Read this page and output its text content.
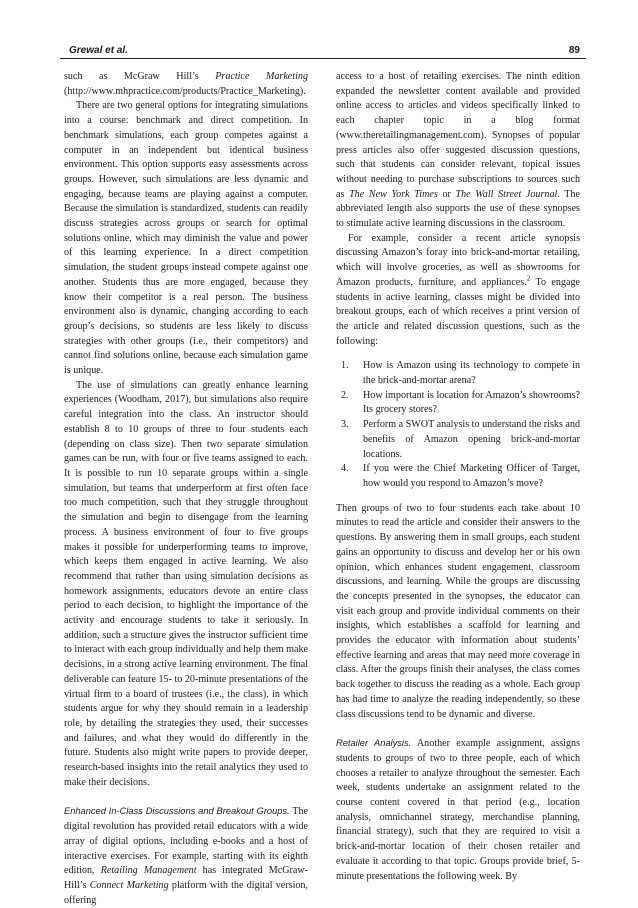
Grewal et al.	89

such as McGraw Hill’s Practice Marketing (http://www.mhpractice.com/products/Practice_Marketing).

There are two general options for integrating simulations into a course: benchmark and direct competition. In benchmark simulations, each group competes against a computer in an independent but identical business environment. This option supports easy assessments across groups. However, such simulations are less dynamic and engaging, because teams are playing against a computer. Because the simulation is standardized, students can readily discuss strategies across groups or search for optimal solutions online, which may diminish the value and power of this learning experience. In a direct competition simulation, the student groups instead compete against one another. Students thus are more engaged, because they know their competitor is a real person. The business environment also is dynamic, changing according to each group’s decisions, so students are less likely to discuss strategies with other groups (i.e., their competitors) and cannot find solutions online, because each simulation game is unique.

The use of simulations can greatly enhance learning experiences (Woodham, 2017), but simulations also require careful integration into the class. An instructor should establish 8 to 10 groups of three to four students each (depending on class size). Then two separate simulation games can be run, with four or five teams assigned to each. It is possible to run 10 separate groups within a single simulation, but teams that underperform at first often face too much competition, such that they struggle throughout the simulation and begin to disengage from the learning process. A business environment of four to five groups makes it possible for underperforming teams to improve, which keeps them engaged in active learning. We also recommend that rather than using simulation decisions as homework assignments, educators devote an entire class period to each decision, to highlight the importance of the activity and encourage students to take it seriously. In addition, such a structure gives the instructor sufficient time to interact with each group individually and help them make decisions, in a strong active learning environment. The final deliverable can feature 15- to 20-minute presentations of the virtual firm to a board of trustees (i.e., the class), in which students argue for why they should remain in a leadership role, by detailing the strategies they used, their successes and failures, and what they would do differently in the future. Students also might write papers to provide deeper, research-based insights into the retail analytics they used to make their decisions.

Enhanced In-Class Discussions and Breakout Groups. The digital revolution has provided retail educators with a wide array of digital options, including e-books and a host of interactive exercises. For example, starting with its eighth edition, Retailing Management has integrated McGraw-Hill’s Connect Marketing platform with the digital version, offering

access to a host of retailing exercises. The ninth edition expanded the newsletter content available and provided online access to articles and videos specifically linked to each chapter topic in a blog format (www.theretailingmanagement.com). Synopses of popular press articles also offer suggested discussion questions, such that students can consider relevant, topical issues without needing to purchase subscriptions to sources such as The New York Times or The Wall Street Journal. The abbreviated length also supports the use of these synopses to stimulate active learning discussions in the classroom.

For example, consider a recent article synopsis discussing Amazon’s foray into brick-and-mortar retailing, which will involve groceries, as well as showrooms for Amazon products, furniture, and appliances.$^2$ To engage students in active learning, classes might be divided into breakout groups, each of which receives a print version of the article and related discussion questions, such as the following:

1.	How is Amazon using its technology to compete in the brick-and-mortar arena?
2.	How important is location for Amazon’s showrooms? Its grocery stores?
3.	Perform a SWOT analysis to understand the risks and benefits of Amazon opening brick-and-mortar locations.
4.	If you were the Chief Marketing Officer of Target, how would you respond to Amazon’s move?

Then groups of two to four students each take about 10 minutes to read the article and consider their answers to the questions. By answering them in small groups, each student gains an opportunity to discuss and develop her or his own opinion, which enhances student engagement, classroom discussions, and learning. While the groups are discussing the concepts presented in the synopses, the educator can visit each group and provide individual comments on their insights, which establishes a scaffold for learning and provides the educator with information about students’ effective learning and areas that may need more coverage in class. After the groups finish their analyses, the class comes back together to discuss the reading as a whole. Each group has had time to analyze the reading independently, so these class discussions tend to be dynamic and diverse.

Retailer Analysis. Another example assignment, assigns students to groups of two to three people, each of which chooses a retailer to analyze throughout the semester. Each week, students undertake an assignment related to the course content covered in that period (e.g., location analysis, omnichannel strategy, merchandise planning, financial strategy), such that they are required to visit a brick-and-mortar location of their chosen retailer and evaluate it according to that topic. Groups provide brief, 5-minute presentations the following week. By
